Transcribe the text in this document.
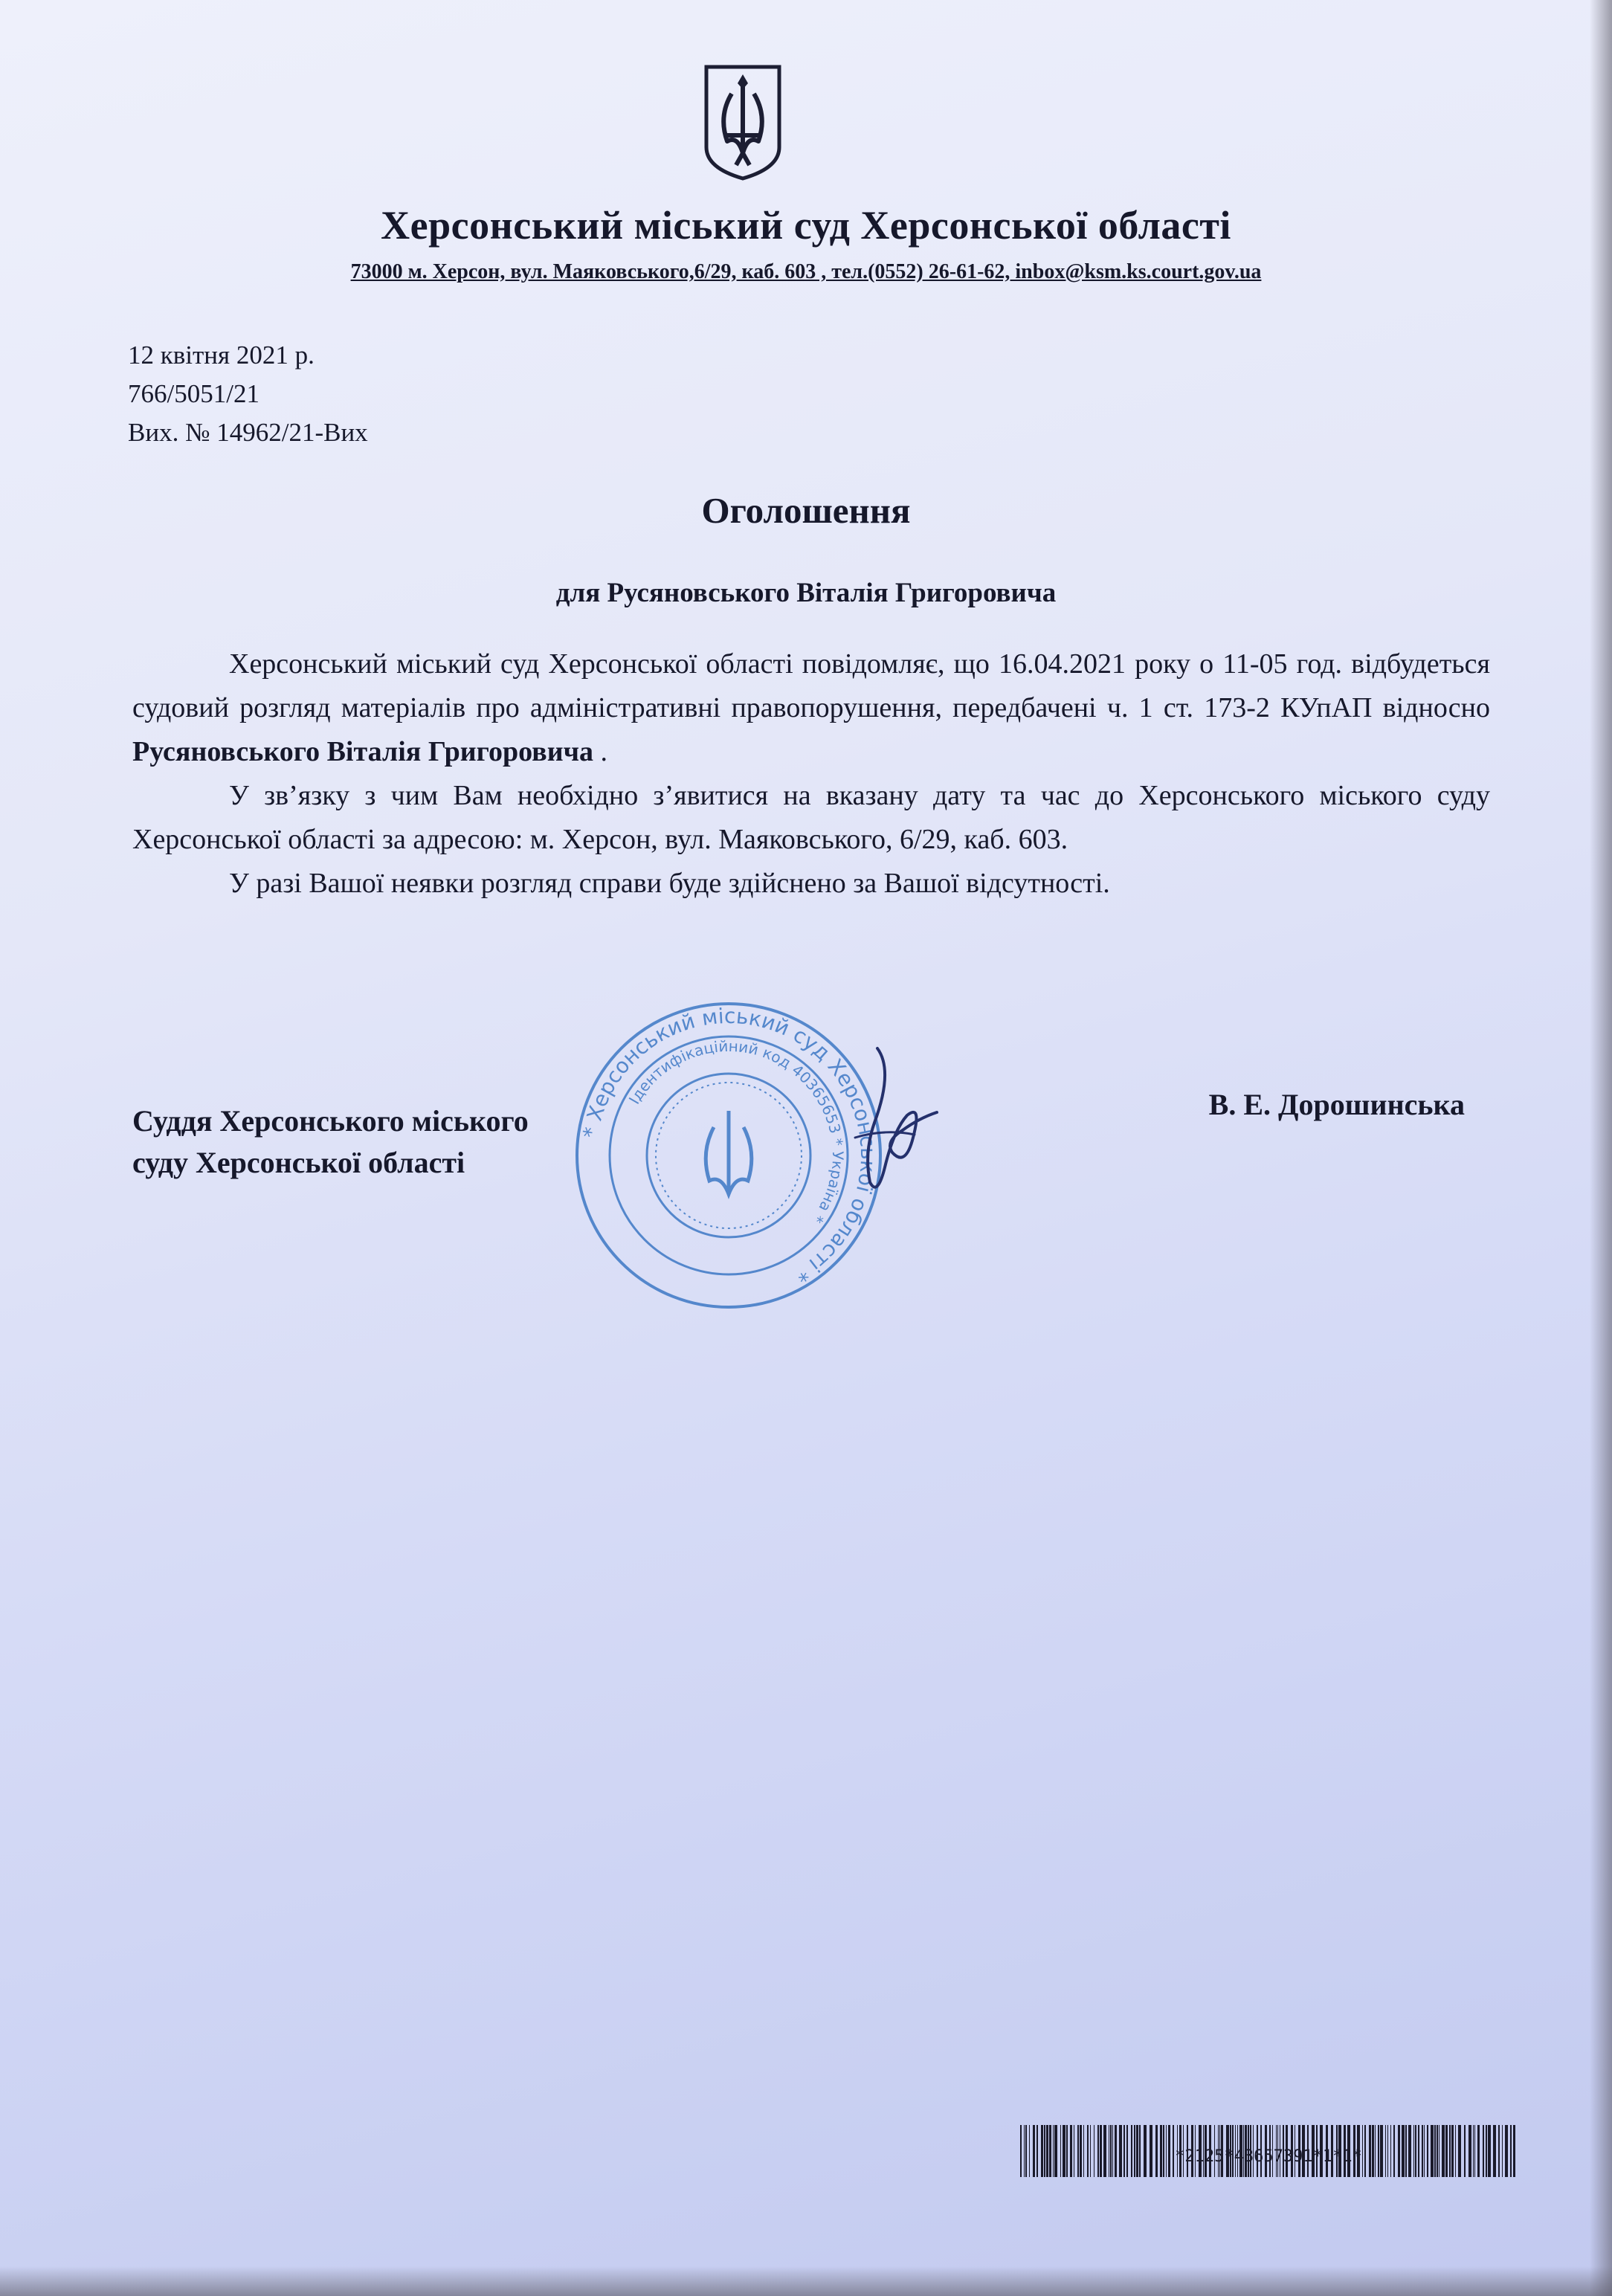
Херсонський міський суд Херсонської області
73000 м. Херсон, вул. Маяковського,6/29, каб. 603 , тел.(0552) 26-61-62, inbox@ksm.ks.court.gov.ua
12 квітня 2021 р.
766/5051/21
Вих. № 14962/21-Вих
Оголошення
для Русяновського Віталія Григоровича

Херсонський міський суд Херсонської області повідомляє, що 16.04.2021 року о 11-05 год. відбудеться судовий розгляд матеріалів про адміністративні правопорушення, передбачені ч. 1 ст. 173-2 КУпАП відносно Русяновського Віталія Григоровича .

У зв’язку з чим Вам необхідно з’явитися на вказану дату та час до Херсонського міського суду Херсонської області за адресою: м. Херсон, вул. Маяковського, 6/29, каб. 603.

У разі Вашої неявки розгляд справи буде здійснено за Вашої відсутності.

Суддя Херсонського міського
суду Херсонської області
В. Е. Дорошинська
* Херсонський міський суд Херсонської області *
Ідентифікаційний код 40365653 * Україна *
*2125*43657391*1*1*
